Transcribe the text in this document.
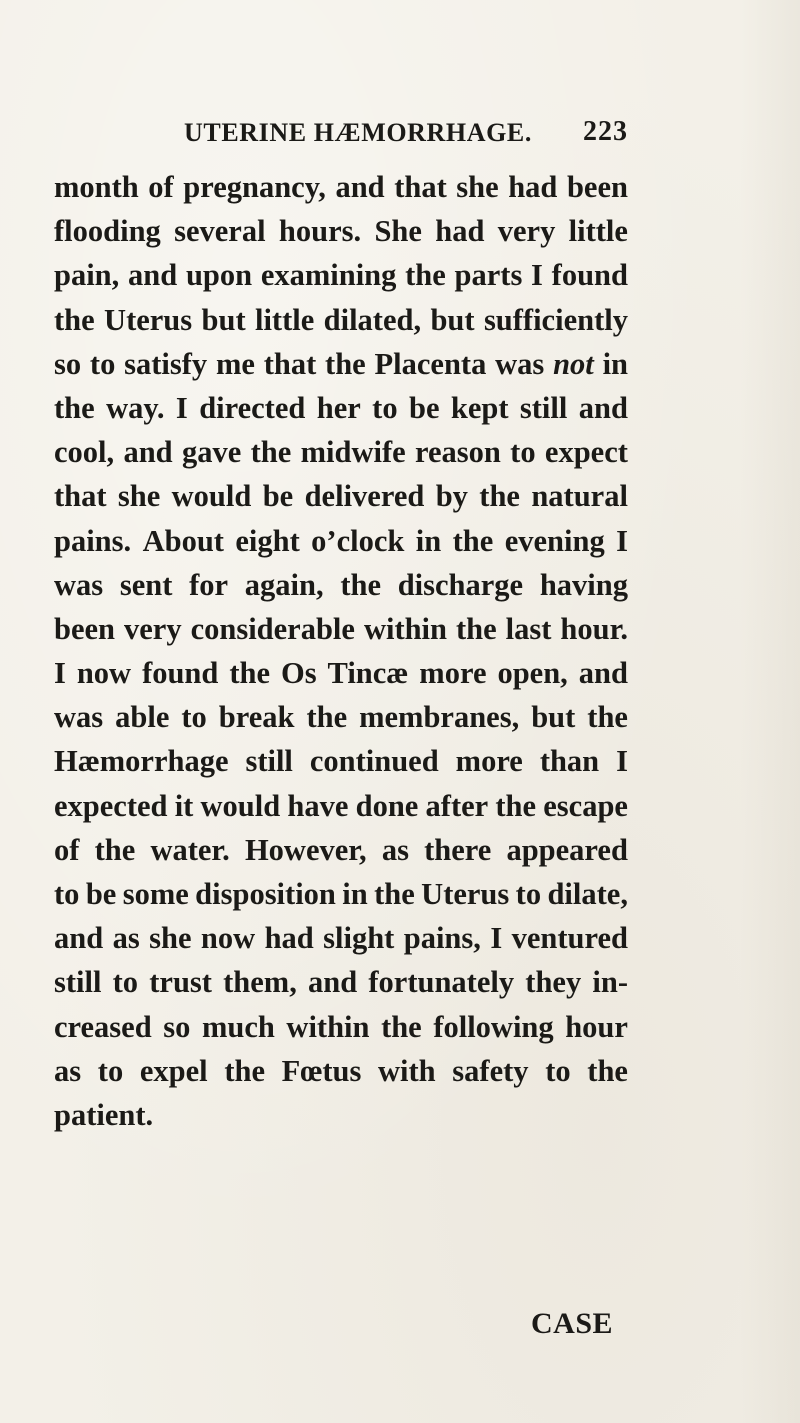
UTERINE HÆMORRHAGE. 223
month of pregnancy, and that she had been
flooding several hours. She had very little
pain, and upon examining the parts I found
the Uterus but little dilated, but sufficiently
so to satisfy me that the Placenta was not in
the way. I directed her to be kept still and
cool, and gave the midwife reason to expect
that she would be delivered by the natural
pains. About eight o’clock in the evening I
was sent for again, the discharge having
been very considerable within the last hour.
I now found the Os Tincæ more open, and
was able to break the membranes, but the
Hæmorrhage still continued more than I
expected it would have done after the escape
of the water. However, as there appeared
to be some disposition in the Uterus to dilate,
and as she now had slight pains, I ventured
still to trust them, and fortunately they in-
creased so much within the following hour
as to expel the Fœtus with safety to the
patient.
CASE
